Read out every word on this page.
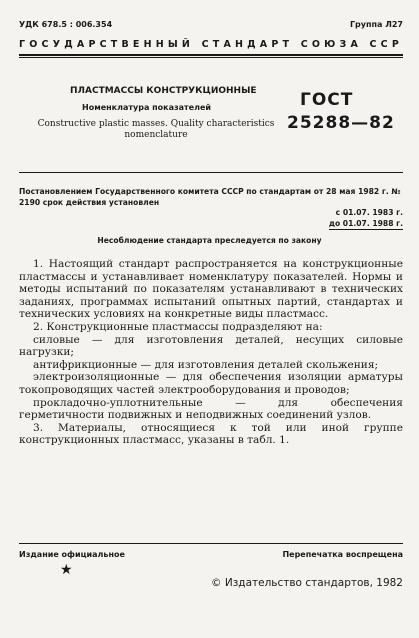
УДК 678.5 : 006.354	Группа Л27
ГОСУДАРСТВЕННЫЙ СТАНДАРТ СОЮЗА ССР
ПЛАСТМАССЫ КОНСТРУКЦИОННЫЕ
Номенклатура показателей
Constructive plastic masses. Quality characteristics nomenclature
ГОСТ
25288—82
Постановлением Государственного комитета СССР по стандартам от 28 мая 1982 г. № 2190 срок действия установлен
с 01.07. 1983 г.
до 01.07. 1988 г.
Несоблюдение стандарта преследуется по закону

1. Настоящий стандарт распространяется на конструкционные пластмассы и устанавливает номенклатуру показателей. Нормы и методы испытаний по показателям устанавливают в технических заданиях, программах испытаний опытных партий, стандартах и технических условиях на конкретные виды пластмасс.

2. Конструкционные пластмассы подразделяют на:

силовые — для изготовления деталей, несущих силовые нагрузки;

антифрикционные — для изготовления деталей скольжения;

электроизоляционные — для обеспечения изоляции арматуры токопроводящих частей электрооборудования и проводов;

прокладочно-уплотнительные — для обеспечения герметичности подвижных и неподвижных соединений узлов.

3. Материалы, относящиеся к той или иной группе конструкционных пластмасс, указаны в табл. 1.

Издание официальное	Перепечатка воспрещена
★
© Издательство стандартов, 1982
